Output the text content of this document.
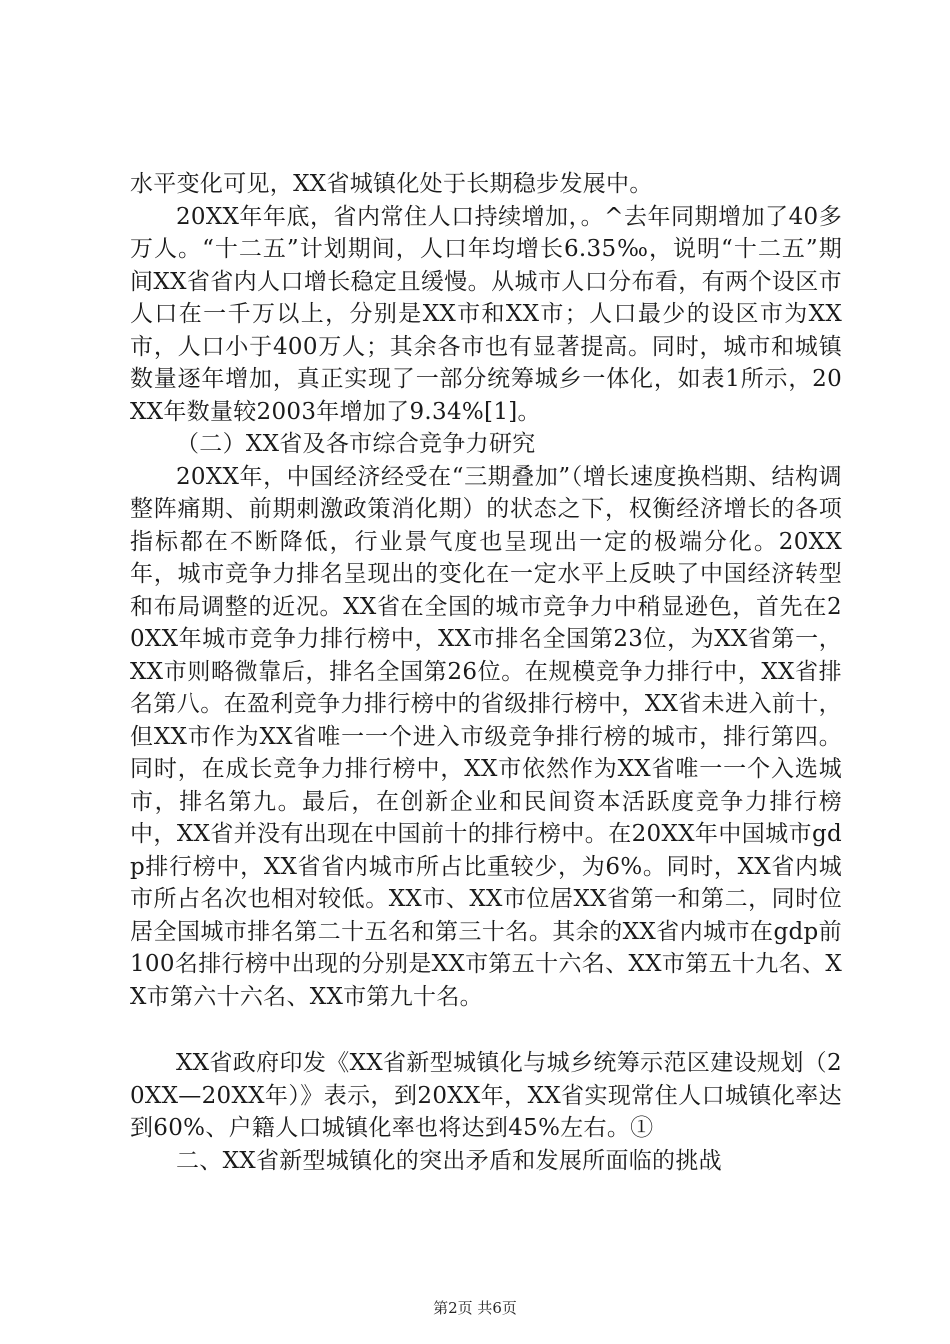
水平变化可见，XX省城镇化处于长期稳步发展中。

20XX年年底，省内常住人口持续增加，。^去年同期增加了40多万人。“十二五”计划期间，人口年均增长6.35‰，说明“十二五”期间XX省省内人口增长稳定且缓慢。从城市人口分布看，有两个设区市人口在一千万以上，分别是XX市和XX市；人口最少的设区市为XX市，人口小于400万人；其余各市也有显著提高。同时，城市和城镇数量逐年增加，真正实现了一部分统筹城乡一体化，如表1所示，20XX年数量较2003年增加了9.34%[1]。

（二）XX省及各市综合竞争力研究

20XX年，中国经济经受在“三期叠加”（增长速度换档期、结构调整阵痛期、前期刺激政策消化期）的状态之下，权衡经济增长的各项指标都在不断降低，行业景气度也呈现出一定的极端分化。20XX年，城市竞争力排名呈现出的变化在一定水平上反映了中国经济转型和布局调整的近况。XX省在全国的城市竞争力中稍显逊色，首先在20XX年城市竞争力排行榜中，XX市排名全国第23位，为XX省第一，XX市则略微靠后，排名全国第26位。在规模竞争力排行中，XX省排名第八。在盈利竞争力排行榜中的省级排行榜中，XX省未进入前十，但XX市作为XX省唯一一个进入市级竞争排行榜的城市，排行第四。同时，在成长竞争力排行榜中，XX市依然作为XX省唯一一个入选城市，排名第九。最后，在创新企业和民间资本活跃度竞争力排行榜中，XX省并没有出现在中国前十的排行榜中。在20XX年中国城市gdp排行榜中，XX省省内城市所占比重较少，为6%。同时，XX省内城市所占名次也相对较低。XX市、XX市位居XX省第一和第二，同时位居全国城市排名第二十五名和第三十名。其余的XX省内城市在gdp前100名排行榜中出现的分别是XX市第五十六名、XX市第五十九名、XX市第六十六名、XX市第九十名。

XX省政府印发《XX省新型城镇化与城乡统筹示范区建设规划（20XX—20XX年）》表示，到20XX年，XX省实现常住人口城镇化率达到60%、户籍人口城镇化率也将达到45%左右。①

二、XX省新型城镇化的突出矛盾和发展所面临的挑战

第2页 共6页
